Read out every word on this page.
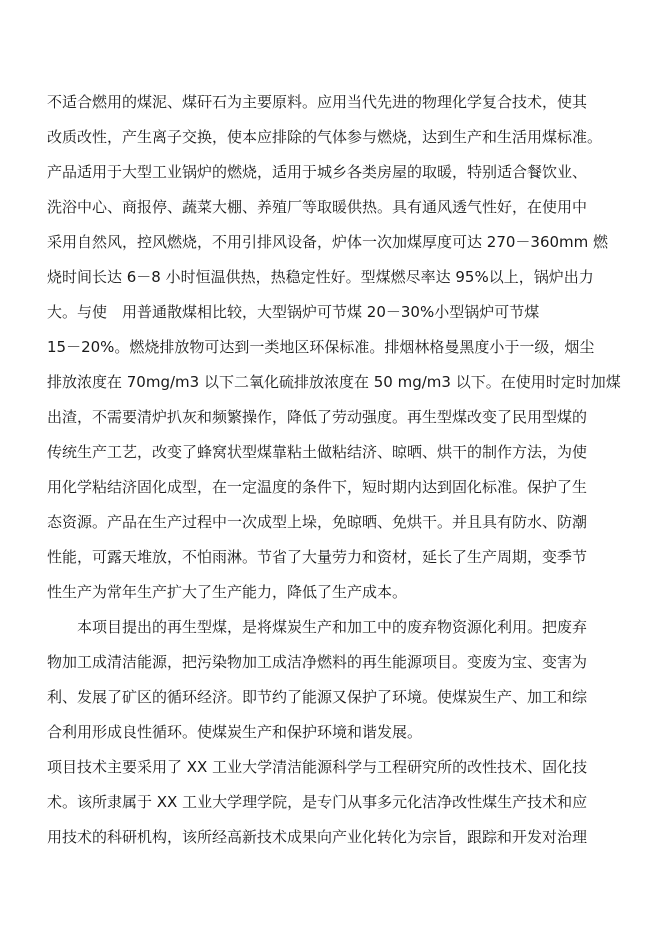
不适合燃用的煤泥、煤矸石为主要原料。应用当代先进的物理化学复合技术，使其
改质改性，产生离子交换，使本应排除的气体参与燃烧，达到生产和生活用煤标准。
产品适用于大型工业锅炉的燃烧，适用于城乡各类房屋的取暖，特别适合餐饮业、
洗浴中心、商报停、蔬菜大棚、养殖厂等取暖供热。具有通风透气性好，在使用中
采用自然风，控风燃烧，不用引排风设备，炉体一次加煤厚度可达 270－360mm 燃
烧时间长达 6－8 小时恒温供热，热稳定性好。型煤燃尽率达 95%以上，锅炉出力
大。与使　用普通散煤相比较，大型锅炉可节煤 20－30%小型锅炉可节煤
15－20%。燃烧排放物可达到一类地区环保标准。排烟林格曼黑度小于一级，烟尘
排放浓度在 70mg/m3 以下二氧化硫排放浓度在 50 mg/m3 以下。在使用时定时加煤
出渣，不需要清炉扒灰和频繁操作，降低了劳动强度。再生型煤改变了民用型煤的
传统生产工艺，改变了蜂窝状型煤靠粘土做粘结济、晾晒、烘干的制作方法，为使
用化学粘结济固化成型，在一定温度的条件下，短时期内达到固化标准。保护了生
态资源。产品在生产过程中一次成型上垛，免晾晒、免烘干。并且具有防水、防潮
性能，可露天堆放，不怕雨淋。节省了大量劳力和资材，延长了生产周期，变季节
性生产为常年生产扩大了生产能力，降低了生产成本。
本项目提出的再生型煤，是将煤炭生产和加工中的废弃物资源化利用。把废弃
物加工成清洁能源，把污染物加工成洁净燃料的再生能源项目。变废为宝、变害为
利、发展了矿区的循环经济。即节约了能源又保护了环境。使煤炭生产、加工和综
合利用形成良性循环。使煤炭生产和保护环境和谐发展。
项目技术主要采用了 XX 工业大学清洁能源科学与工程研究所的改性技术、固化技
术。该所隶属于 XX 工业大学理学院，是专门从事多元化洁净改性煤生产技术和应
用技术的科研机构，该所经高新技术成果向产业化转化为宗旨，跟踪和开发对治理
